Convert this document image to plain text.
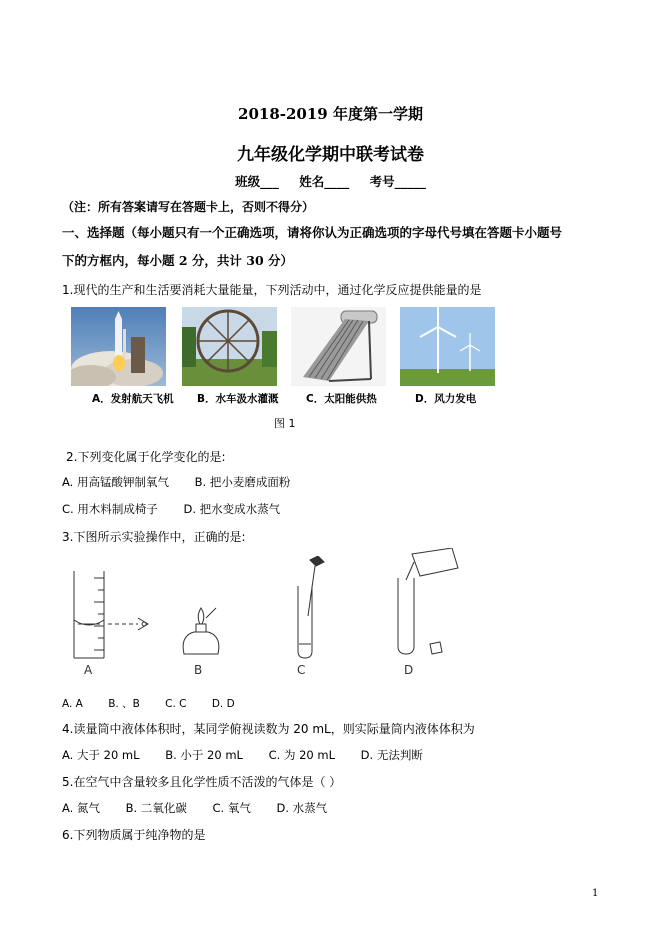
2018-2019 年度第一学期
九年级化学期中联考试卷
班级___ 姓名____ 考号_____
（注：所有答案请写在答题卡上，否则不得分）
一、选择题（每小题只有一个正确选项，请将你认为正确选项的字母代号填在答题卡小题号
下的方框内，每小题 2 分，共计 30 分）
1.现代的生产和生活要消耗大量能量，下列活动中，通过化学反应提供能量的是
A．发射航天飞机 B．水车汲水灌溉	C．太阳能供热	D．风力发电
图 1
2.下列变化属于化学变化的是:
A. 用高锰酸钾制氧气 B. 把小麦磨成面粉
C. 用木料制成椅子 D. 把水变成水蒸气
3.下图所示实验操作中，正确的是:
A	B	C	D
A. A B. 、B C. C D. D
4.读量筒中液体体积时，某同学俯视读数为 20 mL，则实际量筒内液体体积为
A. 大于 20 mL B. 小于 20 mL C. 为 20 mL D. 无法判断
5.在空气中含量较多且化学性质不活泼的气体是（ ）
A. 氮气 B. 二氧化碳 C. 氧气 D. 水蒸气
6.下列物质属于纯净物的是
1
